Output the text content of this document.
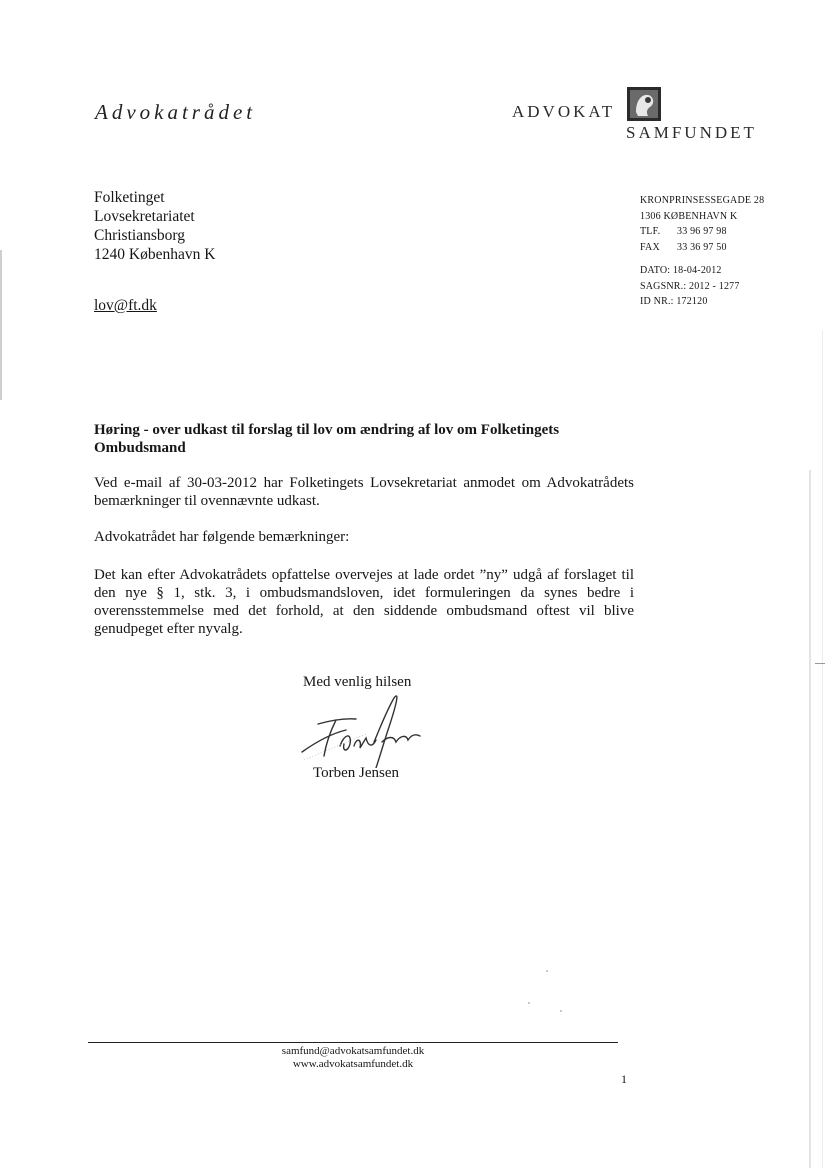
Advokatrådet	ADVOKAT
SAMFUNDET
Folketinget
Lovsekretariatet
Christiansborg
1240 København K
lov@ft.dk
KRONPRINSESSEGADE 28
1306 KØBENHAVN K
TLF. 33 96 97 98
FAX 33 36 97 50
DATO: 18-04-2012
SAGSNR.: 2012 - 1277
ID NR.: 172120
Høring - over udkast til forslag til lov om ændring af lov om Folketingets Ombudsmand
Ved e-mail af 30-03-2012 har Folketingets Lovsekretariat anmodet om Advokatrådets bemærkninger til ovennævnte udkast.
Advokatrådet har følgende bemærkninger:
Det kan efter Advokatrådets opfattelse overvejes at lade ordet ”ny” udgå af forslaget til den nye § 1, stk. 3, i ombudsmandsloven, idet formuleringen da synes bedre i overensstemmelse med det forhold, at den siddende ombudsmand oftest vil blive genudpeget efter nyvalg.
Med venlig hilsen
Torben Jensen
samfund@advokatsamfundet.dk
www.advokatsamfundet.dk
1
